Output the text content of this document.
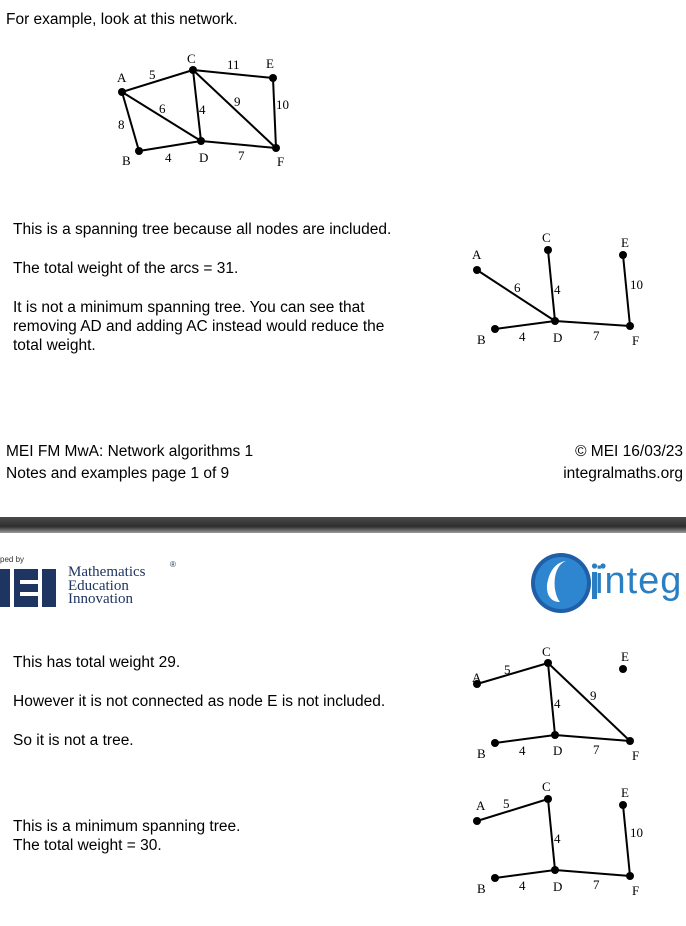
For example, look at this network.
A
B
C
D
E
F
5
6
8
4
11
9	10
4	7
This is a spanning tree because all nodes are included.
The total weight of the arcs = 31.
It is not a minimum spanning tree. You can see that
removing AD and adding AC instead would reduce the
total weight.
A
B
C
D
E
F
6	4
4	7
10
MEI FM MwA: Network algorithms 1
Notes and examples page 1 of 9
© MEI 16/03/23
integralmaths.org
ped by
Mathematics
Education
Innovation
®	integ
This has total weight 29.
However it is not connected as node E is not included.
So it is not a tree.
This is a minimum spanning tree.
The total weight = 30.
A
B
C
D
E
F
5
4
9
4	7
A
B
C
D
E
F
5
4
4	7
10
